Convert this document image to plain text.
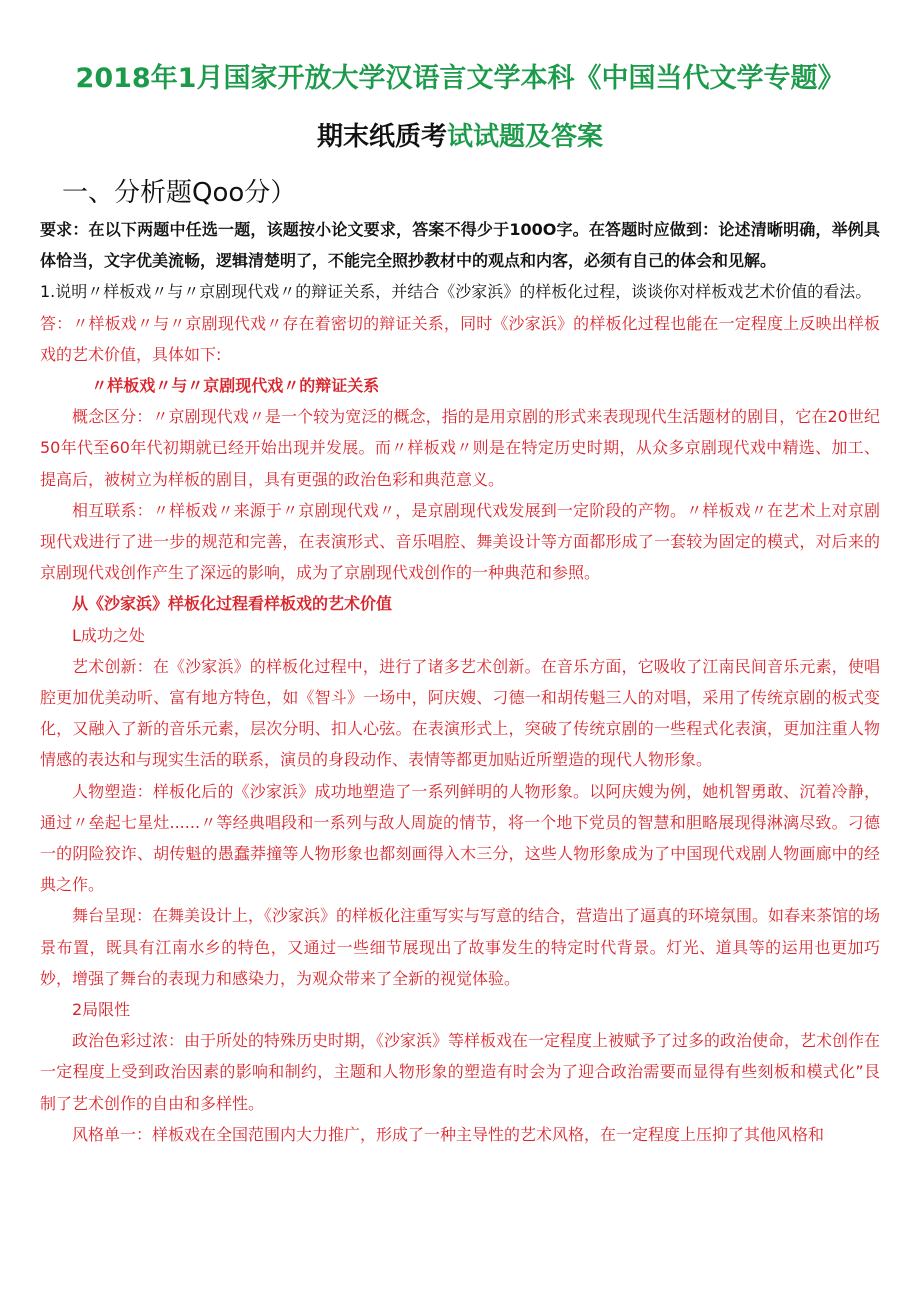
2018年1月国家开放大学汉语言文学本科《中国当代文学专题》
期末纸质考试试题及答案
一、分析题Qoo分）

要求：在以下两题中任选一题，该题按小论文要求，答案不得少于100O字。在答题时应做到：论述清晰明确，举例具体恰当，文字优美流畅，逻辑清楚明了，不能完全照抄教材中的观点和内客，必须有自己的体会和见解。

1.说明〃样板戏〃与〃京剧现代戏〃的辩证关系，并结合《沙家浜》的样板化过程，谈谈你对样板戏艺术价值的看法。

答：〃样板戏〃与〃京剧现代戏〃存在着密切的辩证关系，同时《沙家浜》的样板化过程也能在一定程度上反映出样板戏的艺术价值，具体如下:

〃样板戏〃与〃京剧现代戏〃的辩证关系

概念区分：〃京剧现代戏〃是一个较为宽泛的概念，指的是用京剧的形式来表现现代生活题材的剧目，它在20世纪50年代至60年代初期就已经开始出现并发展。而〃样板戏〃则是在特定历史时期，从众多京剧现代戏中精选、加工、提高后，被树立为样板的剧目，具有更强的政治色彩和典范意义。

相互联系：〃样板戏〃来源于〃京剧现代戏〃，是京剧现代戏发展到一定阶段的产物。〃样板戏〃在艺术上对京剧现代戏进行了进一步的规范和完善，在表演形式、音乐唱腔、舞美设计等方面都形成了一套较为固定的模式，对后来的京剧现代戏创作产生了深远的影响，成为了京剧现代戏创作的一种典范和参照。

从《沙家浜》样板化过程看样板戏的艺术价值

L成功之处

艺术创新：在《沙家浜》的样板化过程中，进行了诸多艺术创新。在音乐方面，它吸收了江南民间音乐元素，使唱腔更加优美动听、富有地方特色，如《智斗》一场中，阿庆嫂、刁德一和胡传魁三人的对唱，采用了传统京剧的板式变化，又融入了新的音乐元素，层次分明、扣人心弦。在表演形式上，突破了传统京剧的一些程式化表演，更加注重人物情感的表达和与现实生活的联系，演员的身段动作、表情等都更加贴近所塑造的现代人物形象。

人物塑造：样板化后的《沙家浜》成功地塑造了一系列鲜明的人物形象。以阿庆嫂为例，她机智勇敢、沉着冷静，通过〃垒起七星灶......〃等经典唱段和一系列与敌人周旋的情节，将一个地下党员的智慧和胆略展现得淋漓尽致。刁德一的阴险狡诈、胡传魁的愚蠢莽撞等人物形象也都刻画得入木三分，这些人物形象成为了中国现代戏剧人物画廊中的经典之作。

舞台呈现：在舞美设计上，《沙家浜》的样板化注重写实与写意的结合，营造出了逼真的环境氛围。如春来茶馆的场景布置，既具有江南水乡的特色，又通过一些细节展现出了故事发生的特定时代背景。灯光、道具等的运用也更加巧妙，增强了舞台的表现力和感染力，为观众带来了全新的视觉体验。

2局限性

政治色彩过浓：由于所处的特殊历史时期，《沙家浜》等样板戏在一定程度上被赋予了过多的政治使命，艺术创作在一定程度上受到政治因素的影响和制约，主题和人物形象的塑造有时会为了迎合政治需要而显得有些刻板和模式化”艮制了艺术创作的自由和多样性。

风格单一：样板戏在全国范围内大力推广，形成了一种主导性的艺术风格，在一定程度上压抑了其他风格和
